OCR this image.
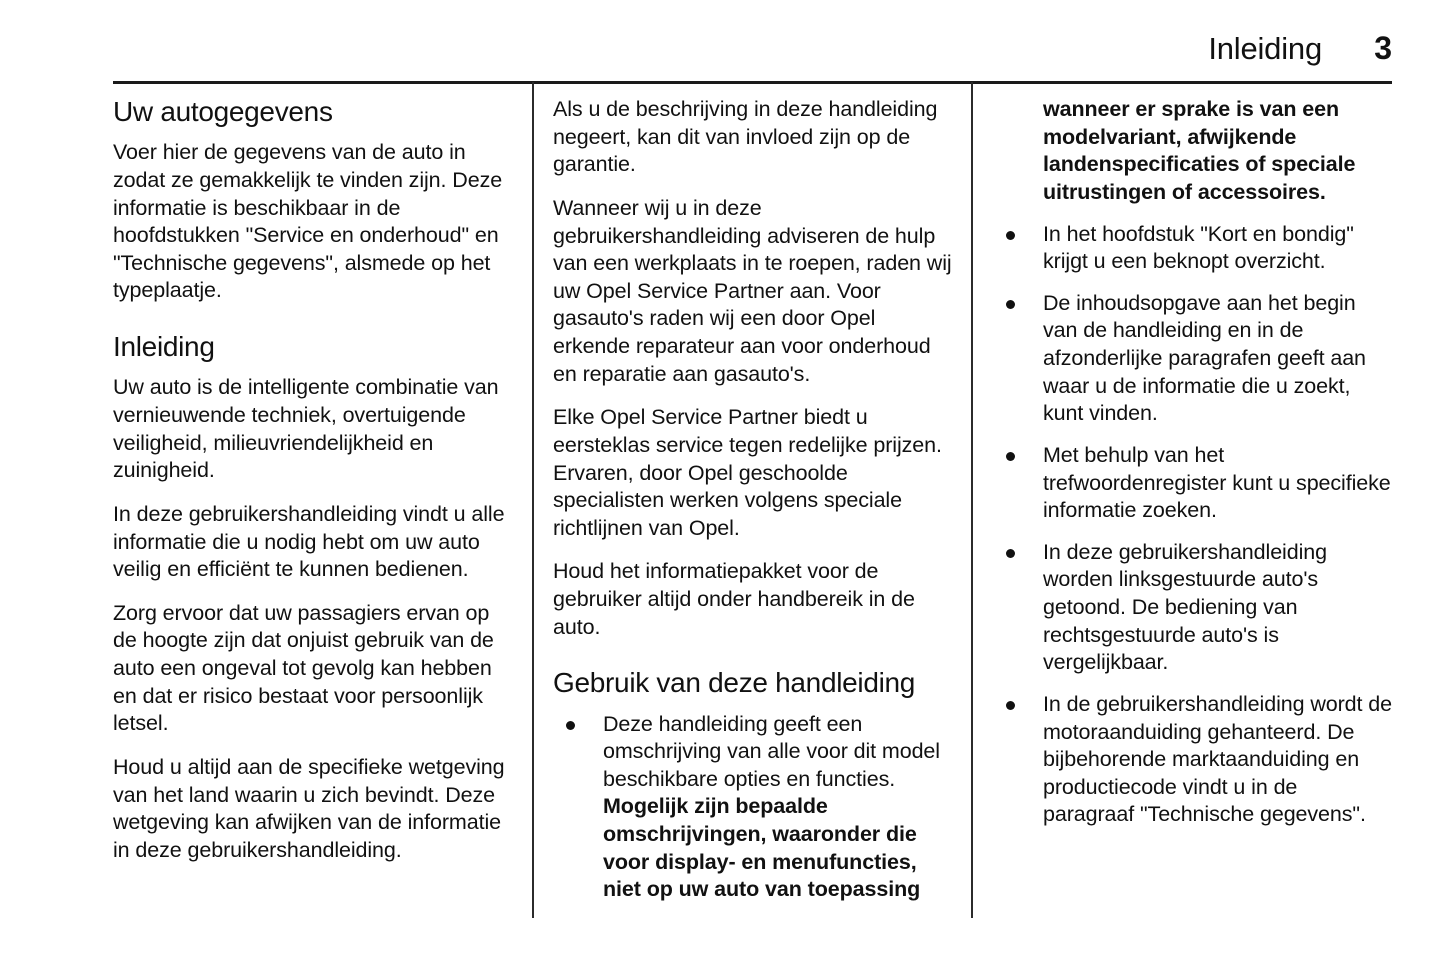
Inleiding	3
Uw autogegevens

Voer hier de gegevens van de auto in zodat ze gemakkelijk te vinden zijn. Deze informatie is beschikbaar in de hoofdstukken "Service en onderhoud" en "Technische gegevens", alsmede op het typeplaatje.

Inleiding

Uw auto is de intelligente combinatie van vernieuwende techniek, overtuigende veiligheid, milieuvriendelijkheid en zuinigheid.

In deze gebruikershandleiding vindt u alle informatie die u nodig hebt om uw auto veilig en efficiënt te kunnen bedienen.

Zorg ervoor dat uw passagiers ervan op de hoogte zijn dat onjuist gebruik van de auto een ongeval tot gevolg kan hebben en dat er risico bestaat voor persoonlijk letsel.

Houd u altijd aan de specifieke wetgeving van het land waarin u zich bevindt. Deze wetgeving kan afwijken van de informatie in deze gebruikershandleiding.

Als u de beschrijving in deze handleiding negeert, kan dit van invloed zijn op de garantie.

Wanneer wij u in deze gebruikershandleiding adviseren de hulp van een werkplaats in te roepen, raden wij uw Opel Service Partner aan. Voor gasauto's raden wij een door Opel erkende reparateur aan voor onderhoud en reparatie aan gasauto's.

Elke Opel Service Partner biedt u eersteklas service tegen redelijke prijzen. Ervaren, door Opel geschoolde specialisten werken volgens speciale richtlijnen van Opel.

Houd het informatiepakket voor de gebruiker altijd onder handbereik in de auto.

Gebruik van deze handleiding
Deze handleiding geeft een omschrijving van alle voor dit model beschikbare opties en functies. Mogelijk zijn bepaalde omschrijvingen, waaronder die voor display- en menufuncties, niet op uw auto van toepassing
wanneer er sprake is van een modelvariant, afwijkende landenspecificaties of speciale uitrustingen of accessoires.
In het hoofdstuk "Kort en bondig" krijgt u een beknopt overzicht.
De inhoudsopgave aan het begin van de handleiding en in de afzonderlijke paragrafen geeft aan waar u de informatie die u zoekt, kunt vinden.
Met behulp van het trefwoordenregister kunt u specifieke informatie zoeken.
In deze gebruikershandleiding worden linksgestuurde auto's getoond. De bediening van rechtsgestuurde auto's is vergelijkbaar.
In de gebruikershandleiding wordt de motoraanduiding gehanteerd. De bijbehorende marktaanduiding en productiecode vindt u in de paragraaf "Technische gegevens".
